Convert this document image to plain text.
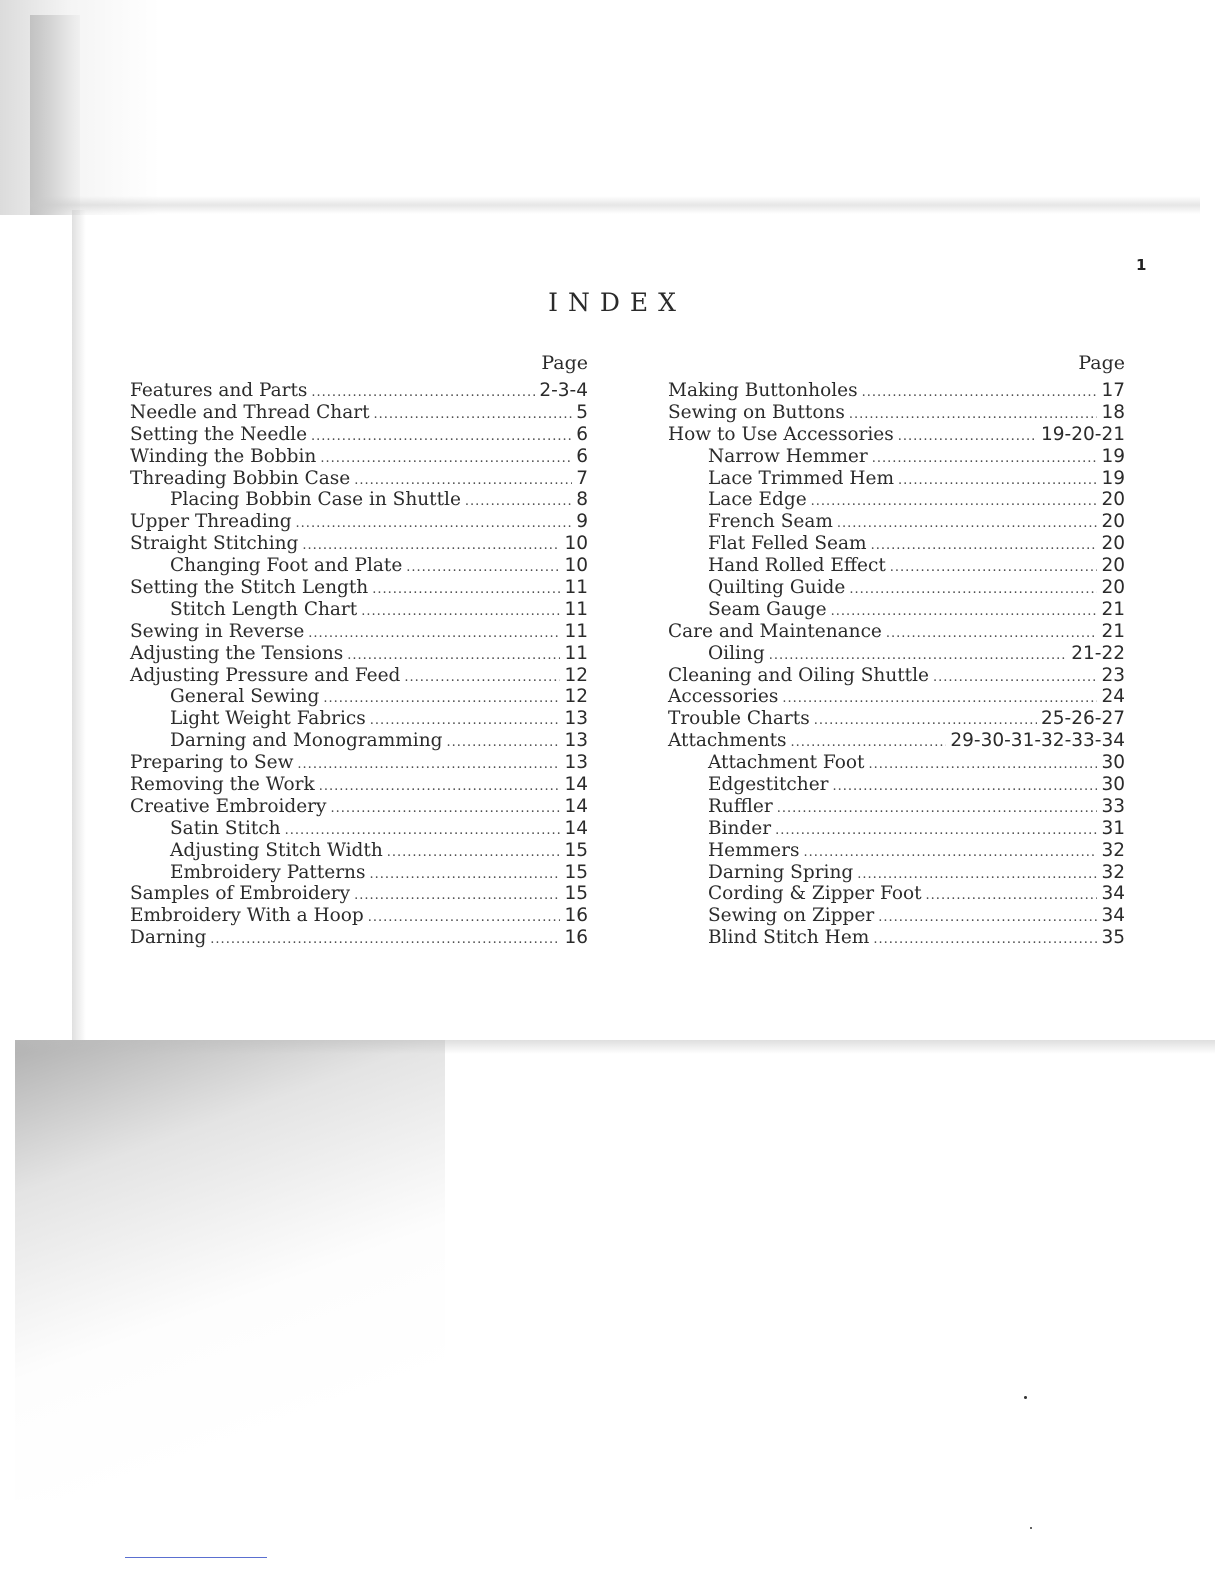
1
INDEX
Page
Features and Parts .....	2-3-4
Needle and Thread Chart .....	5
Setting the Needle .....	6
Winding the Bobbin .....	6
Threading Bobbin Case .....	7
Placing Bobbin Case in Shuttle .....	8
Upper Threading .....	9
Straight Stitching .....	10
Changing Foot and Plate .....	10
Setting the Stitch Length .....	11
Stitch Length Chart .....	11
Sewing in Reverse .....	11
Adjusting the Tensions .....	11
Adjusting Pressure and Feed .....	12
General Sewing .....	12
Light Weight Fabrics .....	13
Darning and Monogramming .....	13
Preparing to Sew .....	13
Removing the Work .....	14
Creative Embroidery .....	14
Satin Stitch .....	14
Adjusting Stitch Width .....	15
Embroidery Patterns .....	15
Samples of Embroidery .....	15
Embroidery With a Hoop .....	16
Darning .....	16
Page
Making Buttonholes .....	17
Sewing on Buttons .....	18
How to Use Accessories .....	19-20-21
Narrow Hemmer .....	19
Lace Trimmed Hem .....	19
Lace Edge .....	20
French Seam .....	20
Flat Felled Seam .....	20
Hand Rolled Effect .....	20
Quilting Guide .....	20
Seam Gauge .....	21
Care and Maintenance .....	21
Oiling .....	21-22
Cleaning and Oiling Shuttle .....	23
Accessories .....	24
Trouble Charts .....	25-26-27
Attachments .....	29-30-31-32-33-34
Attachment Foot .....	30
Edgestitcher .....	30
Ruffler .....	33
Binder .....	31
Hemmers .....	32
Darning Spring .....	32
Cording & Zipper Foot .....	34
Sewing on Zipper .....	34
Blind Stitch Hem .....	35
